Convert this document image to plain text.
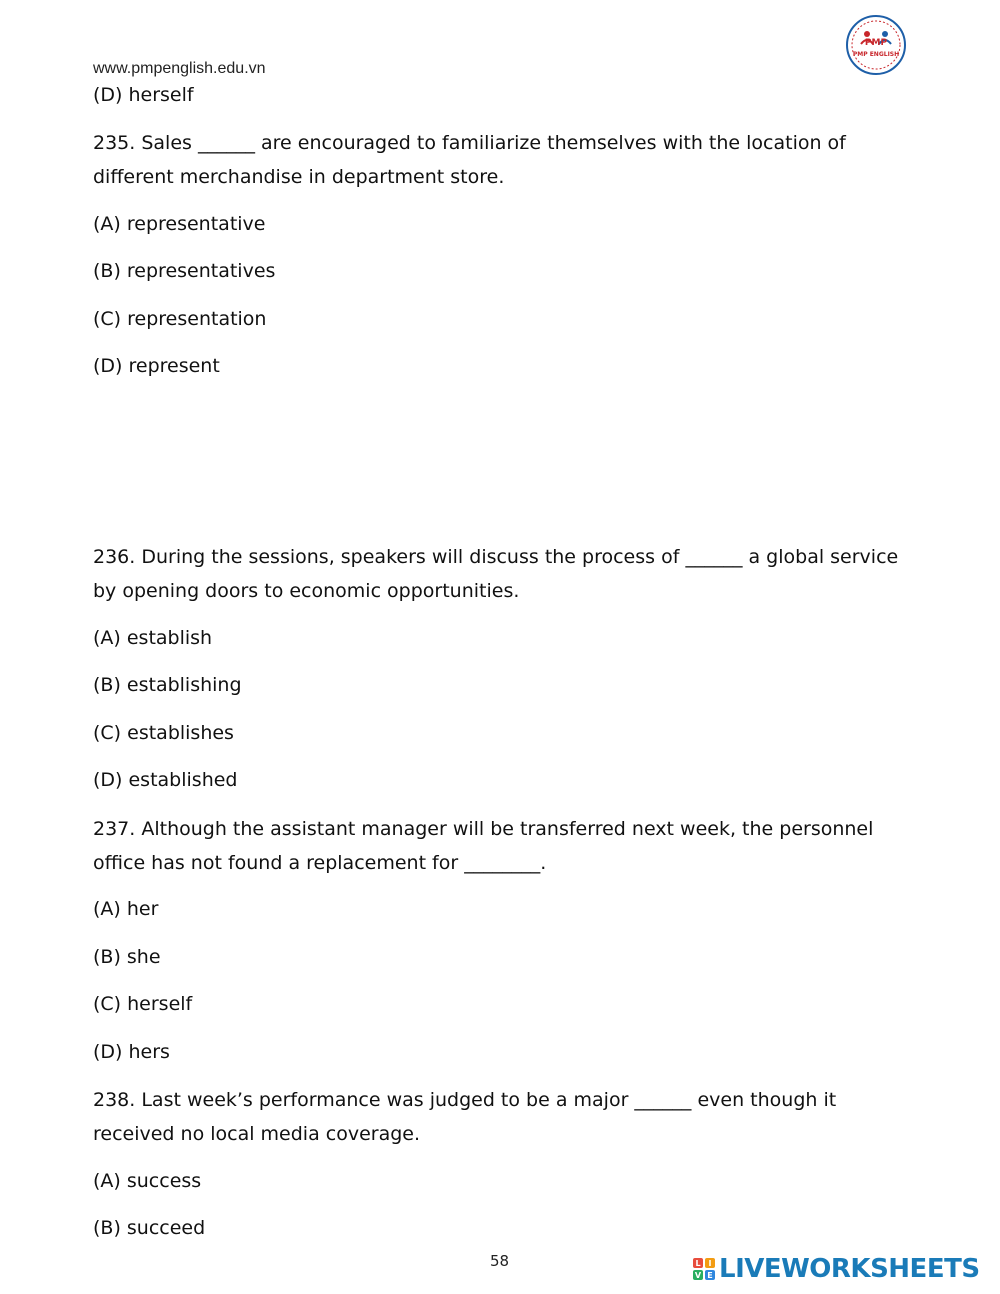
www.pmpenglish.edu.vn
PMP
PMP ENGLISH
(D) herself
235. Sales ______ are encouraged to familiarize themselves with the location of different merchandise in department store.
(A) representative
(B) representatives
(C) representation
(D) represent
236. During the sessions, speakers will discuss the process of ______ a global service by opening doors to economic opportunities.
(A) establish
(B) establishing
(C) establishes
(D) established
237. Although the assistant manager will be transferred next week, the personnel office has not found a replacement for ________.
(A) her
(B) she
(C) herself
(D) hers
238. Last week’s performance was judged to be a major ______ even though it received no local media coverage.
(A) success
(B) succeed
58	L I
V E LIVEWORKSHEETS
